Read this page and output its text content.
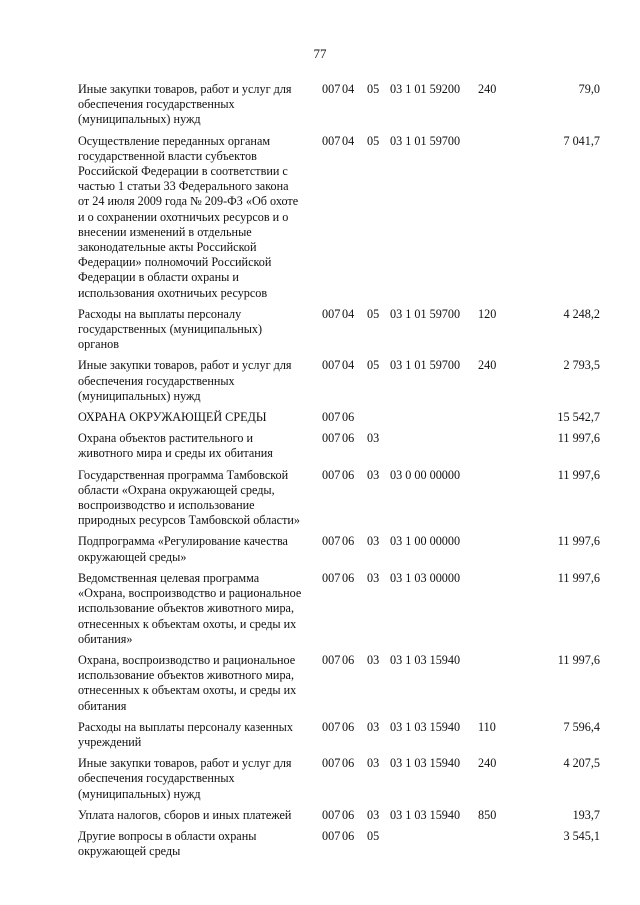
77
Иные закупки товаров, работ и услуг для обеспечения государственных (муниципальных) нужд	007	04	05	03 1 01 59200	240	79,0
Осуществление переданных органам государственной власти субъектов Российской Федерации в соответствии с частью 1 статьи 33 Федерального закона от 24 июля 2009 года № 209-ФЗ «Об охоте и о сохранении охотничьих ресурсов и о внесении изменений в отдельные законодательные акты Российской Федерации» полномочий Российской Федерации в области охраны и использования охотничьих ресурсов	007	04	05	03 1 01 59700		7 041,7
Расходы на выплаты персоналу государственных (муниципальных) органов	007	04	05	03 1 01 59700	120	4 248,2
Иные закупки товаров, работ и услуг для обеспечения государственных (муниципальных) нужд	007	04	05	03 1 01 59700	240	2 793,5
ОХРАНА ОКРУЖАЮЩЕЙ СРЕДЫ	007	06				15 542,7
Охрана объектов растительного и животного мира и среды их обитания	007	06	03			11 997,6
Государственная программа Тамбовской области «Охрана окружающей среды, воспроизводство и использование природных ресурсов Тамбовской области»	007	06	03	03 0 00 00000		11 997,6
Подпрограмма «Регулирование качества окружающей среды»	007	06	03	03 1 00 00000		11 997,6
Ведомственная целевая программа «Охрана, воспроизводство и рациональное использование объектов животного мира, отнесенных к объектам охоты, и среды их обитания»	007	06	03	03 1 03 00000		11 997,6
Охрана, воспроизводство и рациональное использование объектов животного мира, отнесенных к объектам охоты, и среды их обитания	007	06	03	03 1 03 15940		11 997,6
Расходы на выплаты персоналу казенных учреждений	007	06	03	03 1 03 15940	110	7 596,4
Иные закупки товаров, работ и услуг для обеспечения государственных (муниципальных) нужд	007	06	03	03 1 03 15940	240	4 207,5
Уплата налогов, сборов и иных платежей	007	06	03	03 1 03 15940	850	193,7
Другие вопросы в области охраны окружающей среды	007	06	05			3 545,1
